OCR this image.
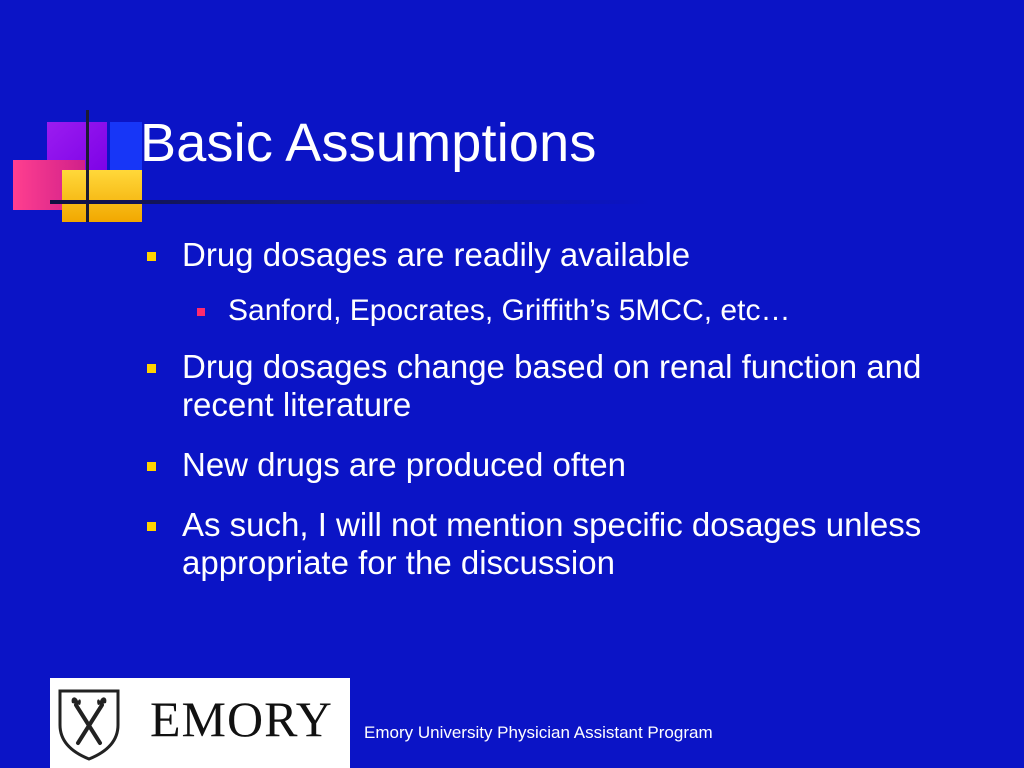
Basic Assumptions
Drug dosages are readily available
Sanford, Epocrates, Griffith’s 5MCC, etc…
Drug dosages change based on renal function and recent literature
New drugs are produced often
As such, I will not mention specific dosages unless appropriate for the discussion
EMORY Emory University Physician Assistant Program
